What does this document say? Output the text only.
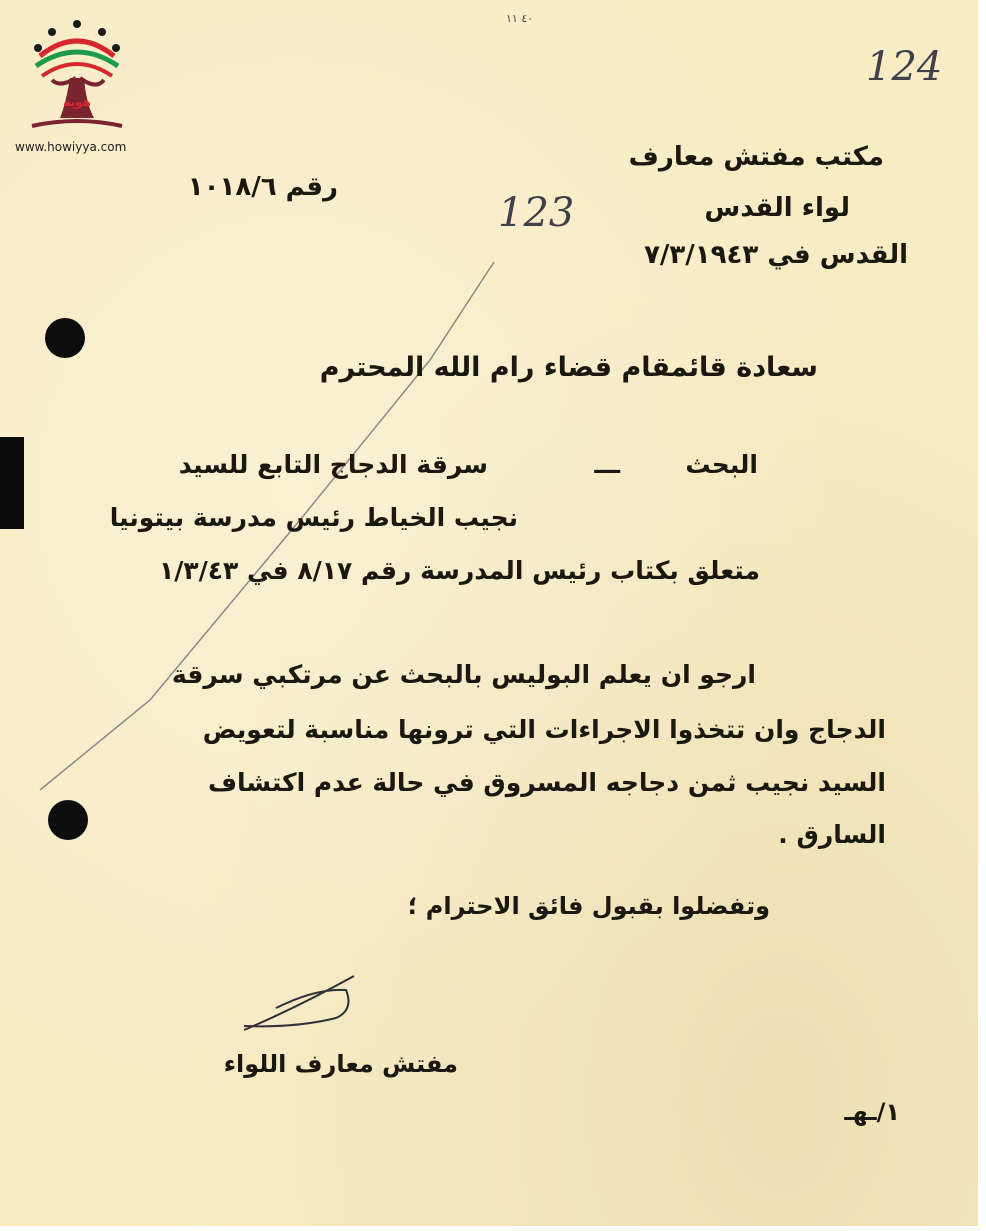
هوية
www.howiyya.com
٤٠ ١١
124
123
مكتب مفتش معارف
لواء القدس
القدس في ٧/٣/١٩٤٣
رقم ١٠١٨/٦
سعادة قائمقام قضاء رام الله المحترم
البحث
ـــ
سرقة الدجاج التابع للسيد
نجيب الخياط رئيس مدرسة بيتونيا
متعلق بكتاب رئيس المدرسة رقم ٨/١٧ في ١/٣/٤٣
ارجو ان يعلم البوليس بالبحث عن مرتكبي سرقة
الدجاج وان تتخذوا الاجراءات التي ترونها مناسبة لتعويض
السيد نجيب ثمن دجاجه المسروق في حالة عدم اكتشاف
السارق .
وتفضلوا بقبول فائق الاحترام ؛
مفتش معارف اللواء
١/ـهـ
